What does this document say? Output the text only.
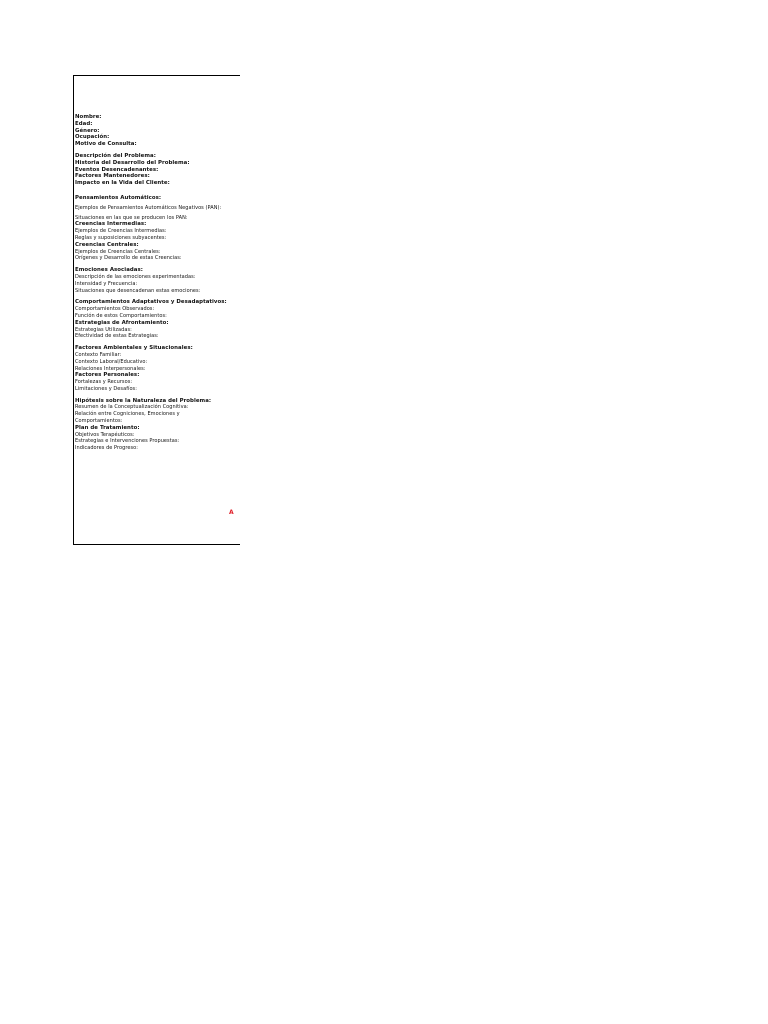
Nombre:
Edad:
Género:
Ocupación:
Motivo de Consulta:
Descripción del Problema:
Historia del Desarrollo del Problema:
Eventos Desencadenantes:
Factores Mantenedores:
Impacto en la Vida del Cliente:
Pensamientos Automáticos:
Ejemplos de Pensamientos Automáticos Negativos (PAN):
Situaciones en las que se producen los PAN:
Creencias Intermedias:
Ejemplos de Creencias Intermedias:
Reglas y suposiciones subyacentes:
Creencias Centrales:
Ejemplos de Creencias Centrales:
Orígenes y Desarrollo de estas Creencias:
Emociones Asociadas:
Descripción de las emociones experimentadas:
Intensidad y Frecuencia:
Situaciones que desencadenan estas emociones:
Comportamientos Adaptativos y Desadaptativos:
Comportamientos Observados:
Función de estos Comportamientos:
Estrategias de Afrontamiento:
Estrategias Utilizadas:
Efectividad de estas Estrategias:
Factores Ambientales y Situacionales:
Contexto Familiar:
Contexto Laboral/Educativo:
Relaciones Interpersonales:
Factores Personales:
Fortalezas y Recursos:
Limitaciones y Desafíos:
Hipótesis sobre la Naturaleza del Problema:
Resumen de la Conceptualización Cognitiva:
Relación entre Cogniciones, Emociones y
Comportamientos:
Plan de Tratamiento:
Objetivos Terapéuticos:
Estrategias e Intervenciones Propuestas:
Indicadores de Progreso:
A
